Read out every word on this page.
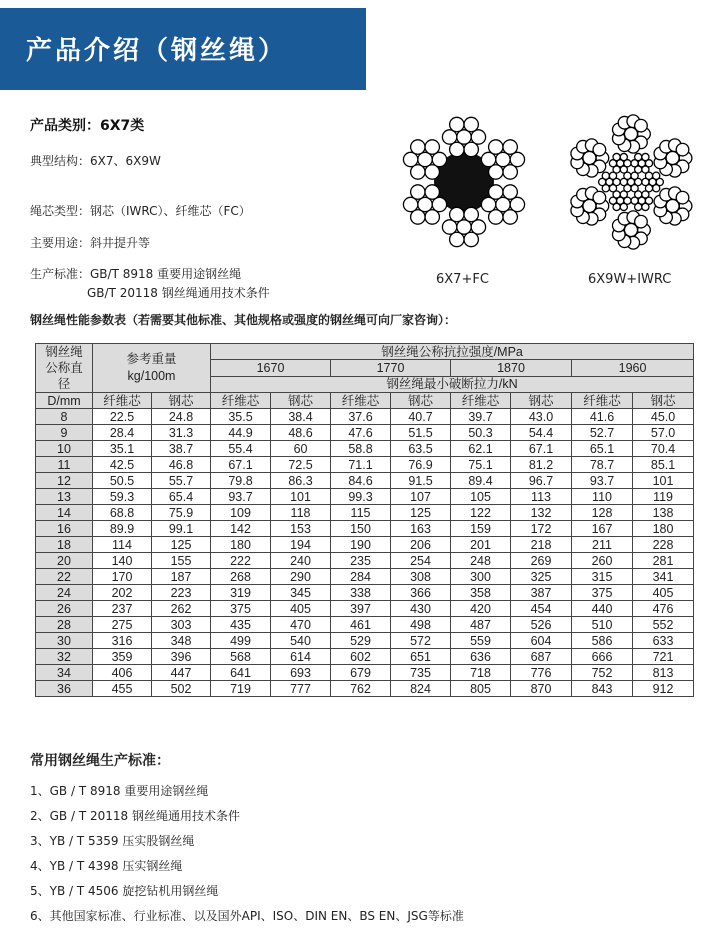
产品介绍（钢丝绳）
产品类别：6X7类
典型结构：6X7、6X9W
绳芯类型：钢芯（IWRC）、纤维芯（FC）
主要用途：斜井提升等
生产标准：GB/T 8918 重要用途钢丝绳
GB/T 20118 钢丝绳通用技术条件
6X7+FC	6X9W+IWRC
钢丝绳性能参数表（若需要其他标准、其他规格或强度的钢丝绳可向厂家咨询）：
钢丝绳公称直径	参考重量
kg/100m		钢丝绳公称抗拉强度/MPa							
			1670		1770		1870		1960	
			钢丝绳最小破断拉力/kN							
D/mm	纤维芯	钢芯	纤维芯	钢芯	纤维芯	钢芯	纤维芯	钢芯	纤维芯	钢芯
8	22.5	24.8	35.5	38.4	37.6	40.7	39.7	43.0	41.6	45.0
9	28.4	31.3	44.9	48.6	47.6	51.5	50.3	54.4	52.7	57.0
10	35.1	38.7	55.4	60	58.8	63.5	62.1	67.1	65.1	70.4
11	42.5	46.8	67.1	72.5	71.1	76.9	75.1	81.2	78.7	85.1
12	50.5	55.7	79.8	86.3	84.6	91.5	89.4	96.7	93.7	101
13	59.3	65.4	93.7	101	99.3	107	105	113	110	119
14	68.8	75.9	109	118	115	125	122	132	128	138
16	89.9	99.1	142	153	150	163	159	172	167	180
18	114	125	180	194	190	206	201	218	211	228
20	140	155	222	240	235	254	248	269	260	281
22	170	187	268	290	284	308	300	325	315	341
24	202	223	319	345	338	366	358	387	375	405
26	237	262	375	405	397	430	420	454	440	476
28	275	303	435	470	461	498	487	526	510	552
30	316	348	499	540	529	572	559	604	586	633
32	359	396	568	614	602	651	636	687	666	721
34	406	447	641	693	679	735	718	776	752	813
36	455	502	719	777	762	824	805	870	843	912
常用钢丝绳生产标准：
1、GB / T 8918 重要用途钢丝绳
2、GB / T 20118 钢丝绳通用技术条件
3、YB / T 5359 压实股钢丝绳
4、YB / T 4398 压实钢丝绳
5、YB / T 4506 旋挖钻机用钢丝绳
6、其他国家标准、行业标准、以及国外API、ISO、DIN EN、BS EN、JSG等标准
